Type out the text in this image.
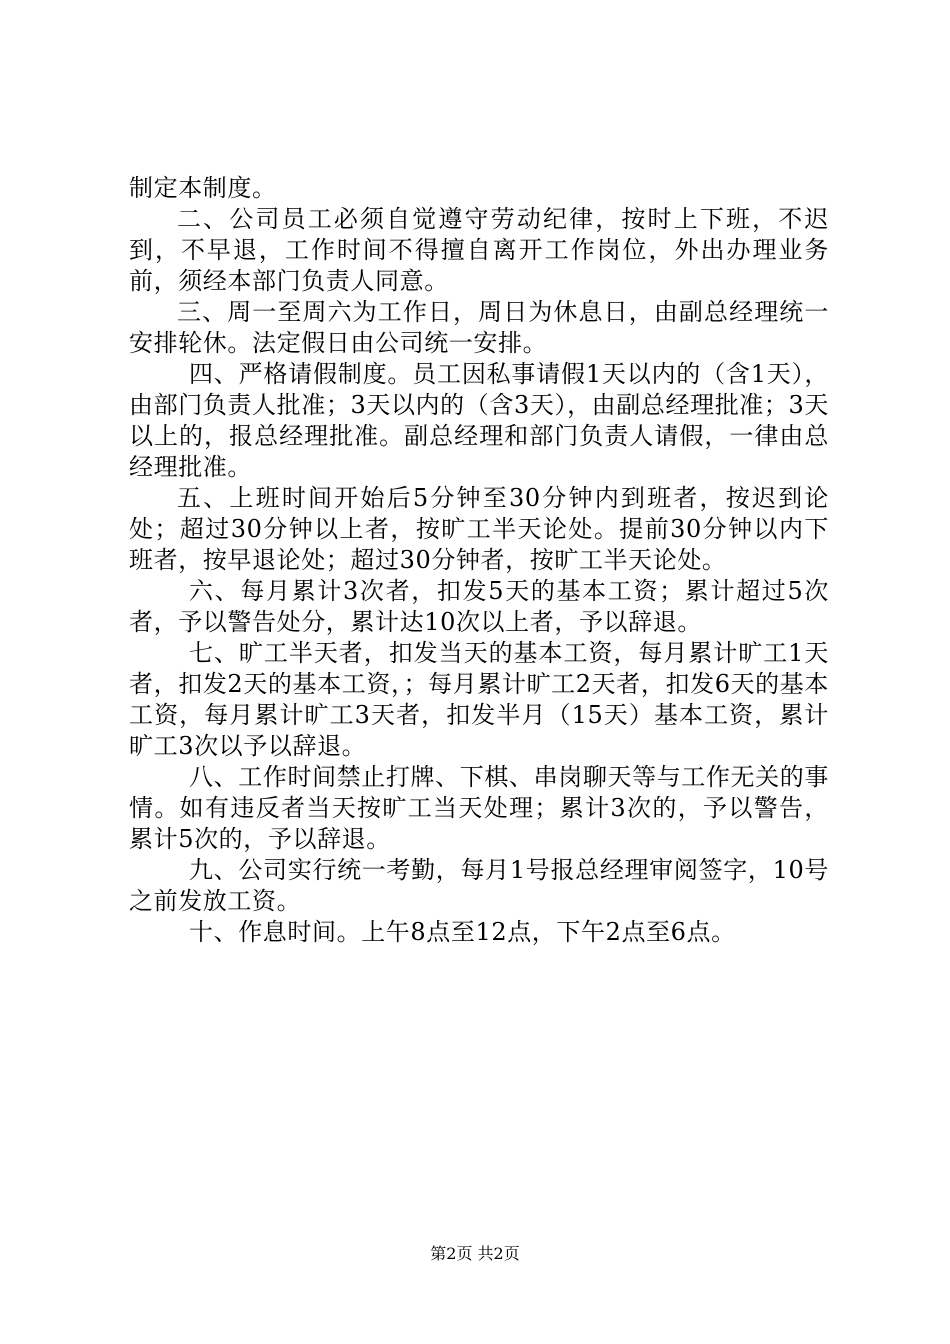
制定本制度。

二、公司员工必须自觉遵守劳动纪律，按时上下班，不迟到，不早退，工作时间不得擅自离开工作岗位，外出办理业务前，须经本部门负责人同意。

三、周一至周六为工作日，周日为休息日，由副总经理统一安排轮休。法定假日由公司统一安排。

四、严格请假制度。员工因私事请假1天以内的（含1天），由部门负责人批准；3天以内的（含3天），由副总经理批准；3天以上的，报总经理批准。副总经理和部门负责人请假，一律由总经理批准。

五、上班时间开始后5分钟至30分钟内到班者，按迟到论处；超过30分钟以上者，按旷工半天论处。提前30分钟以内下班者，按早退论处；超过30分钟者，按旷工半天论处。

六、每月累计3次者，扣发5天的基本工资；累计超过5次者，予以警告处分，累计达10次以上者，予以辞退。

七、旷工半天者，扣发当天的基本工资，每月累计旷工1天者，扣发2天的基本工资，；每月累计旷工2天者，扣发6天的基本工资，每月累计旷工3天者，扣发半月（15天）基本工资，累计旷工3次以予以辞退。

八、工作时间禁止打牌、下棋、串岗聊天等与工作无关的事情。如有违反者当天按旷工当天处理；累计3次的，予以警告，累计5次的，予以辞退。

九、公司实行统一考勤，每月1号报总经理审阅签字，10号之前发放工资。

十、作息时间。上午8点至12点，下午2点至6点。

第2页 共2页
